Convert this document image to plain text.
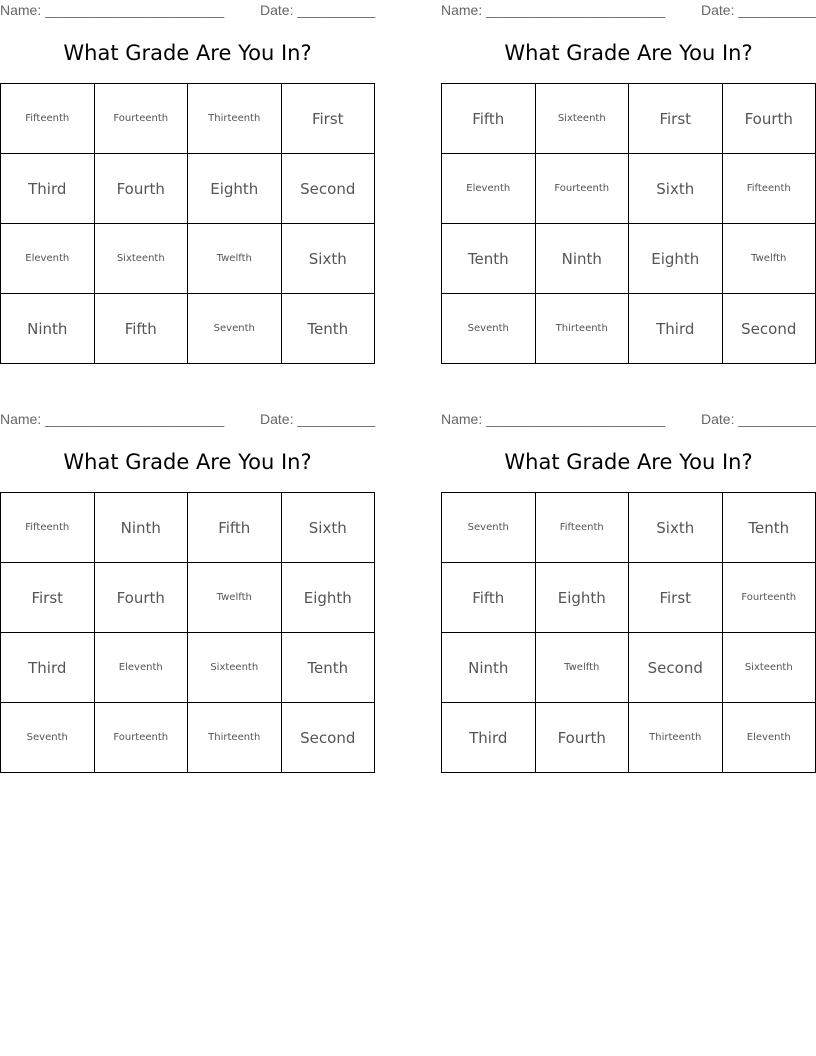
Name: _______________________	Date: __________
What Grade Are You In?
Fifteenth	Fourteenth	Thirteenth	First
Third	Fourth	Eighth	Second
Eleventh	Sixteenth	Twelfth	Sixth
Ninth	Fifth	Seventh	Tenth
Name: _______________________	Date: __________
What Grade Are You In?
Fifth	Sixteenth	First	Fourth
Eleventh	Fourteenth	Sixth	Fifteenth
Tenth	Ninth	Eighth	Twelfth
Seventh	Thirteenth	Third	Second
Name: _______________________	Date: __________
What Grade Are You In?
Fifteenth	Ninth	Fifth	Sixth
First	Fourth	Twelfth	Eighth
Third	Eleventh	Sixteenth	Tenth
Seventh	Fourteenth	Thirteenth	Second
Name: _______________________	Date: __________
What Grade Are You In?
Seventh	Fifteenth	Sixth	Tenth
Fifth	Eighth	First	Fourteenth
Ninth	Twelfth	Second	Sixteenth
Third	Fourth	Thirteenth	Eleventh
